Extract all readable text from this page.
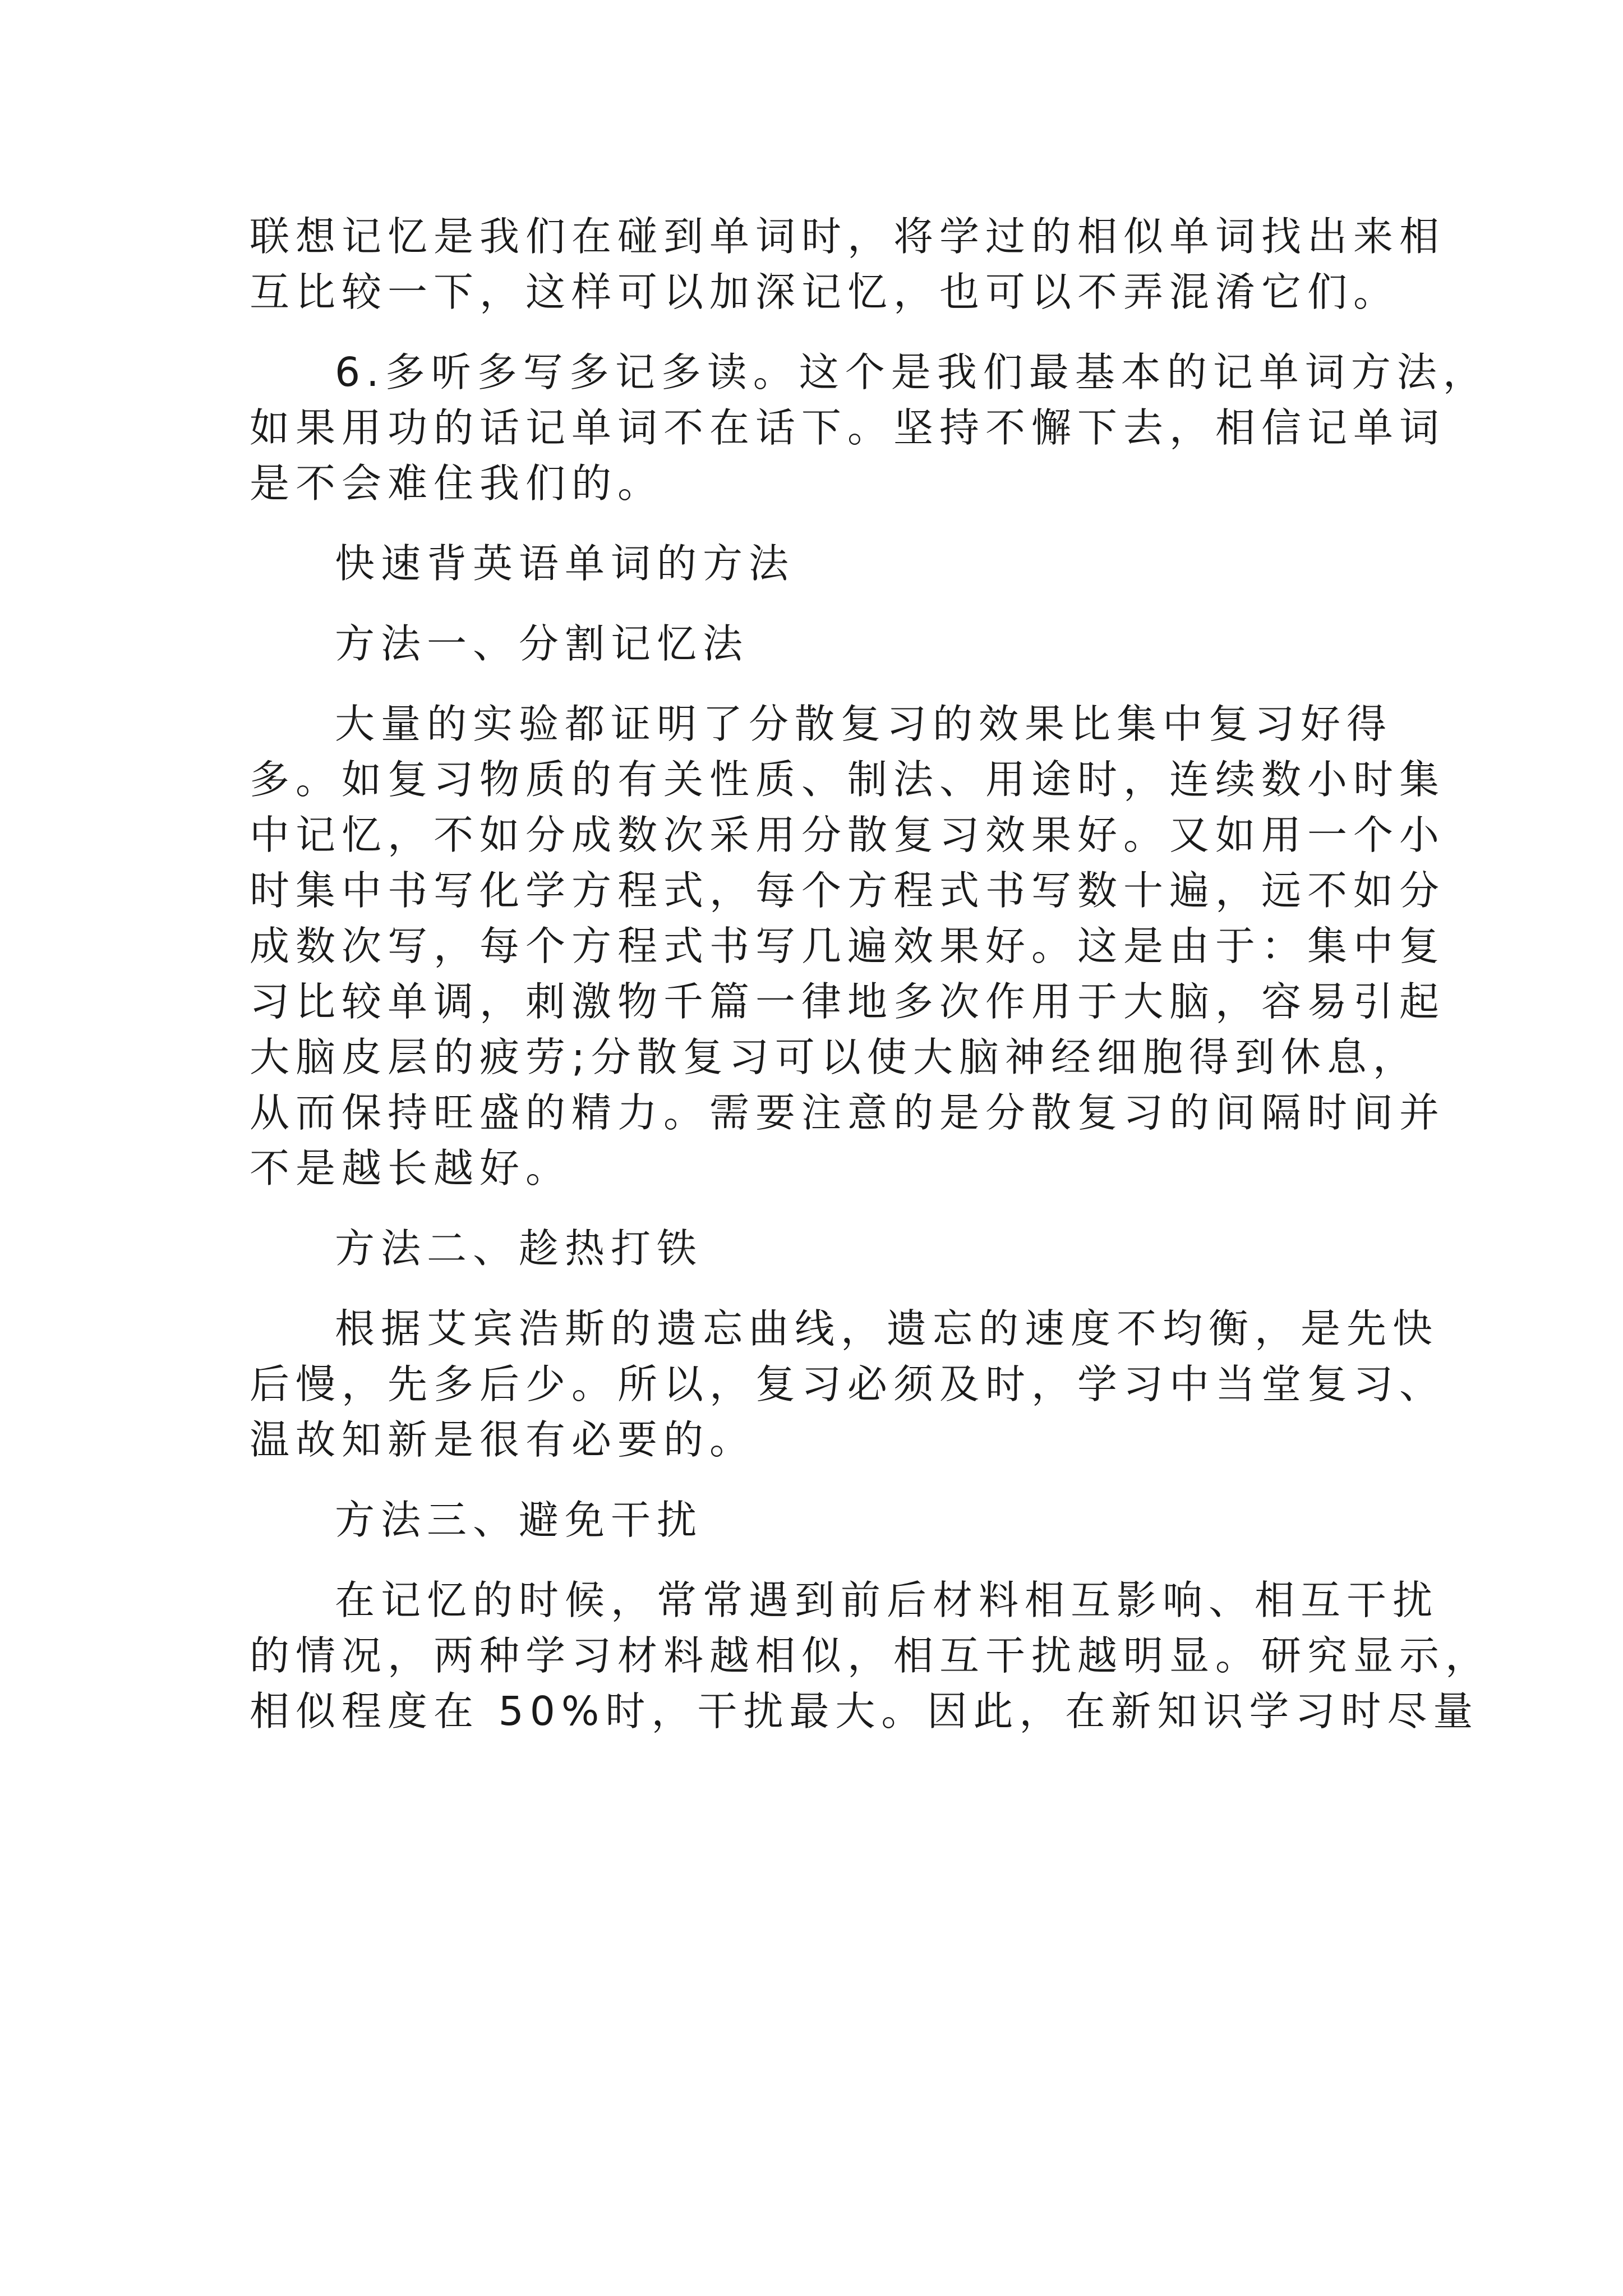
联想记忆是我们在碰到单词时，将学过的相似单词找出来相
互比较一下，这样可以加深记忆，也可以不弄混淆它们。
6.多听多写多记多读。这个是我们最基本的记单词方法，
如果用功的话记单词不在话下。坚持不懈下去，相信记单词
是不会难住我们的。
快速背英语单词的方法
方法一、分割记忆法
大量的实验都证明了分散复习的效果比集中复习好得
多。如复习物质的有关性质、制法、用途时，连续数小时集
中记忆，不如分成数次采用分散复习效果好。又如用一个小
时集中书写化学方程式，每个方程式书写数十遍，远不如分
成数次写，每个方程式书写几遍效果好。这是由于：集中复
习比较单调，刺激物千篇一律地多次作用于大脑，容易引起
大脑皮层的疲劳;分散复习可以使大脑神经细胞得到休息，
从而保持旺盛的精力。需要注意的是分散复习的间隔时间并
不是越长越好。
方法二、趁热打铁
根据艾宾浩斯的遗忘曲线，遗忘的速度不均衡，是先快
后慢，先多后少。所以，复习必须及时，学习中当堂复习、
温故知新是很有必要的。
方法三、避免干扰
在记忆的时候，常常遇到前后材料相互影响、相互干扰
的情况，两种学习材料越相似，相互干扰越明显。研究显示，
相似程度在 50%时，干扰最大。因此，在新知识学习时尽量
